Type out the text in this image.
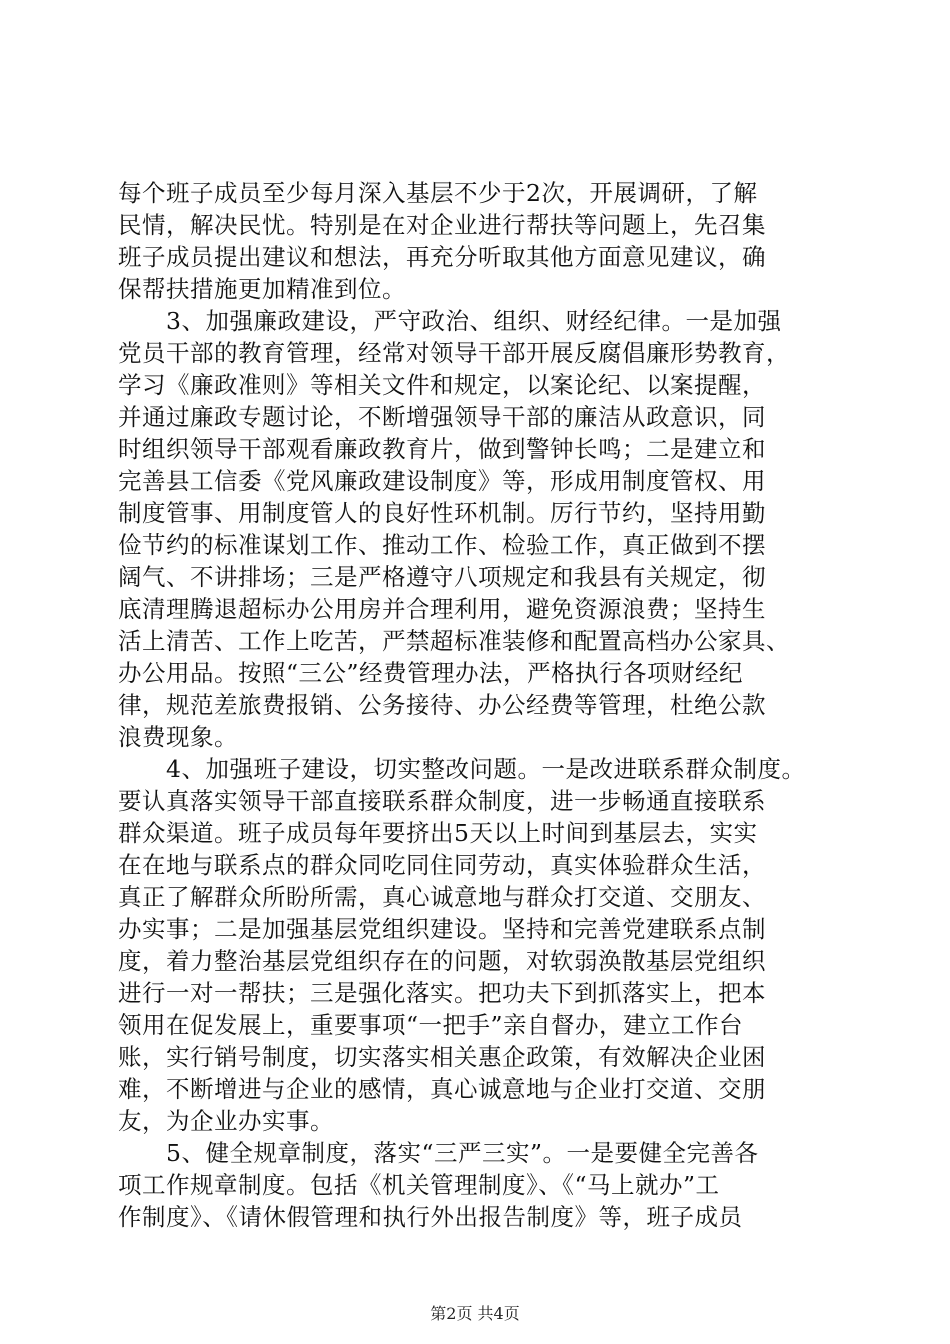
每个班子成员至少每月深入基层不少于2次，开展调研，了解
民情，解决民忧。特别是在对企业进行帮扶等问题上，先召集
班子成员提出建议和想法，再充分听取其他方面意见建议，确
保帮扶措施更加精准到位。
3、加强廉政建设，严守政治、组织、财经纪律。一是加强
党员干部的教育管理，经常对领导干部开展反腐倡廉形势教育，
学习《廉政准则》等相关文件和规定，以案论纪、以案提醒，
并通过廉政专题讨论，不断增强领导干部的廉洁从政意识，同
时组织领导干部观看廉政教育片，做到警钟长鸣；二是建立和
完善县工信委《党风廉政建设制度》等，形成用制度管权、用
制度管事、用制度管人的良好性环机制。厉行节约，坚持用勤
俭节约的标准谋划工作、推动工作、检验工作，真正做到不摆
阔气、不讲排场；三是严格遵守八项规定和我县有关规定，彻
底清理腾退超标办公用房并合理利用，避免资源浪费；坚持生
活上清苦、工作上吃苦，严禁超标准装修和配置高档办公家具、
办公用品。按照“三公”经费管理办法，严格执行各项财经纪
律，规范差旅费报销、公务接待、办公经费等管理，杜绝公款
浪费现象。
4、加强班子建设，切实整改问题。一是改进联系群众制度。
要认真落实领导干部直接联系群众制度，进一步畅通直接联系
群众渠道。班子成员每年要挤出5天以上时间到基层去，实实
在在地与联系点的群众同吃同住同劳动，真实体验群众生活，
真正了解群众所盼所需，真心诚意地与群众打交道、交朋友、
办实事；二是加强基层党组织建设。坚持和完善党建联系点制
度，着力整治基层党组织存在的问题，对软弱涣散基层党组织
进行一对一帮扶；三是强化落实。把功夫下到抓落实上，把本
领用在促发展上，重要事项“一把手”亲自督办，建立工作台
账，实行销号制度，切实落实相关惠企政策，有效解决企业困
难，不断增进与企业的感情，真心诚意地与企业打交道、交朋
友，为企业办实事。
5、健全规章制度，落实“三严三实”。一是要健全完善各
项工作规章制度。包括《机关管理制度》、《“马上就办”工
作制度》、《请休假管理和执行外出报告制度》等，班子成员
第2页 共4页
